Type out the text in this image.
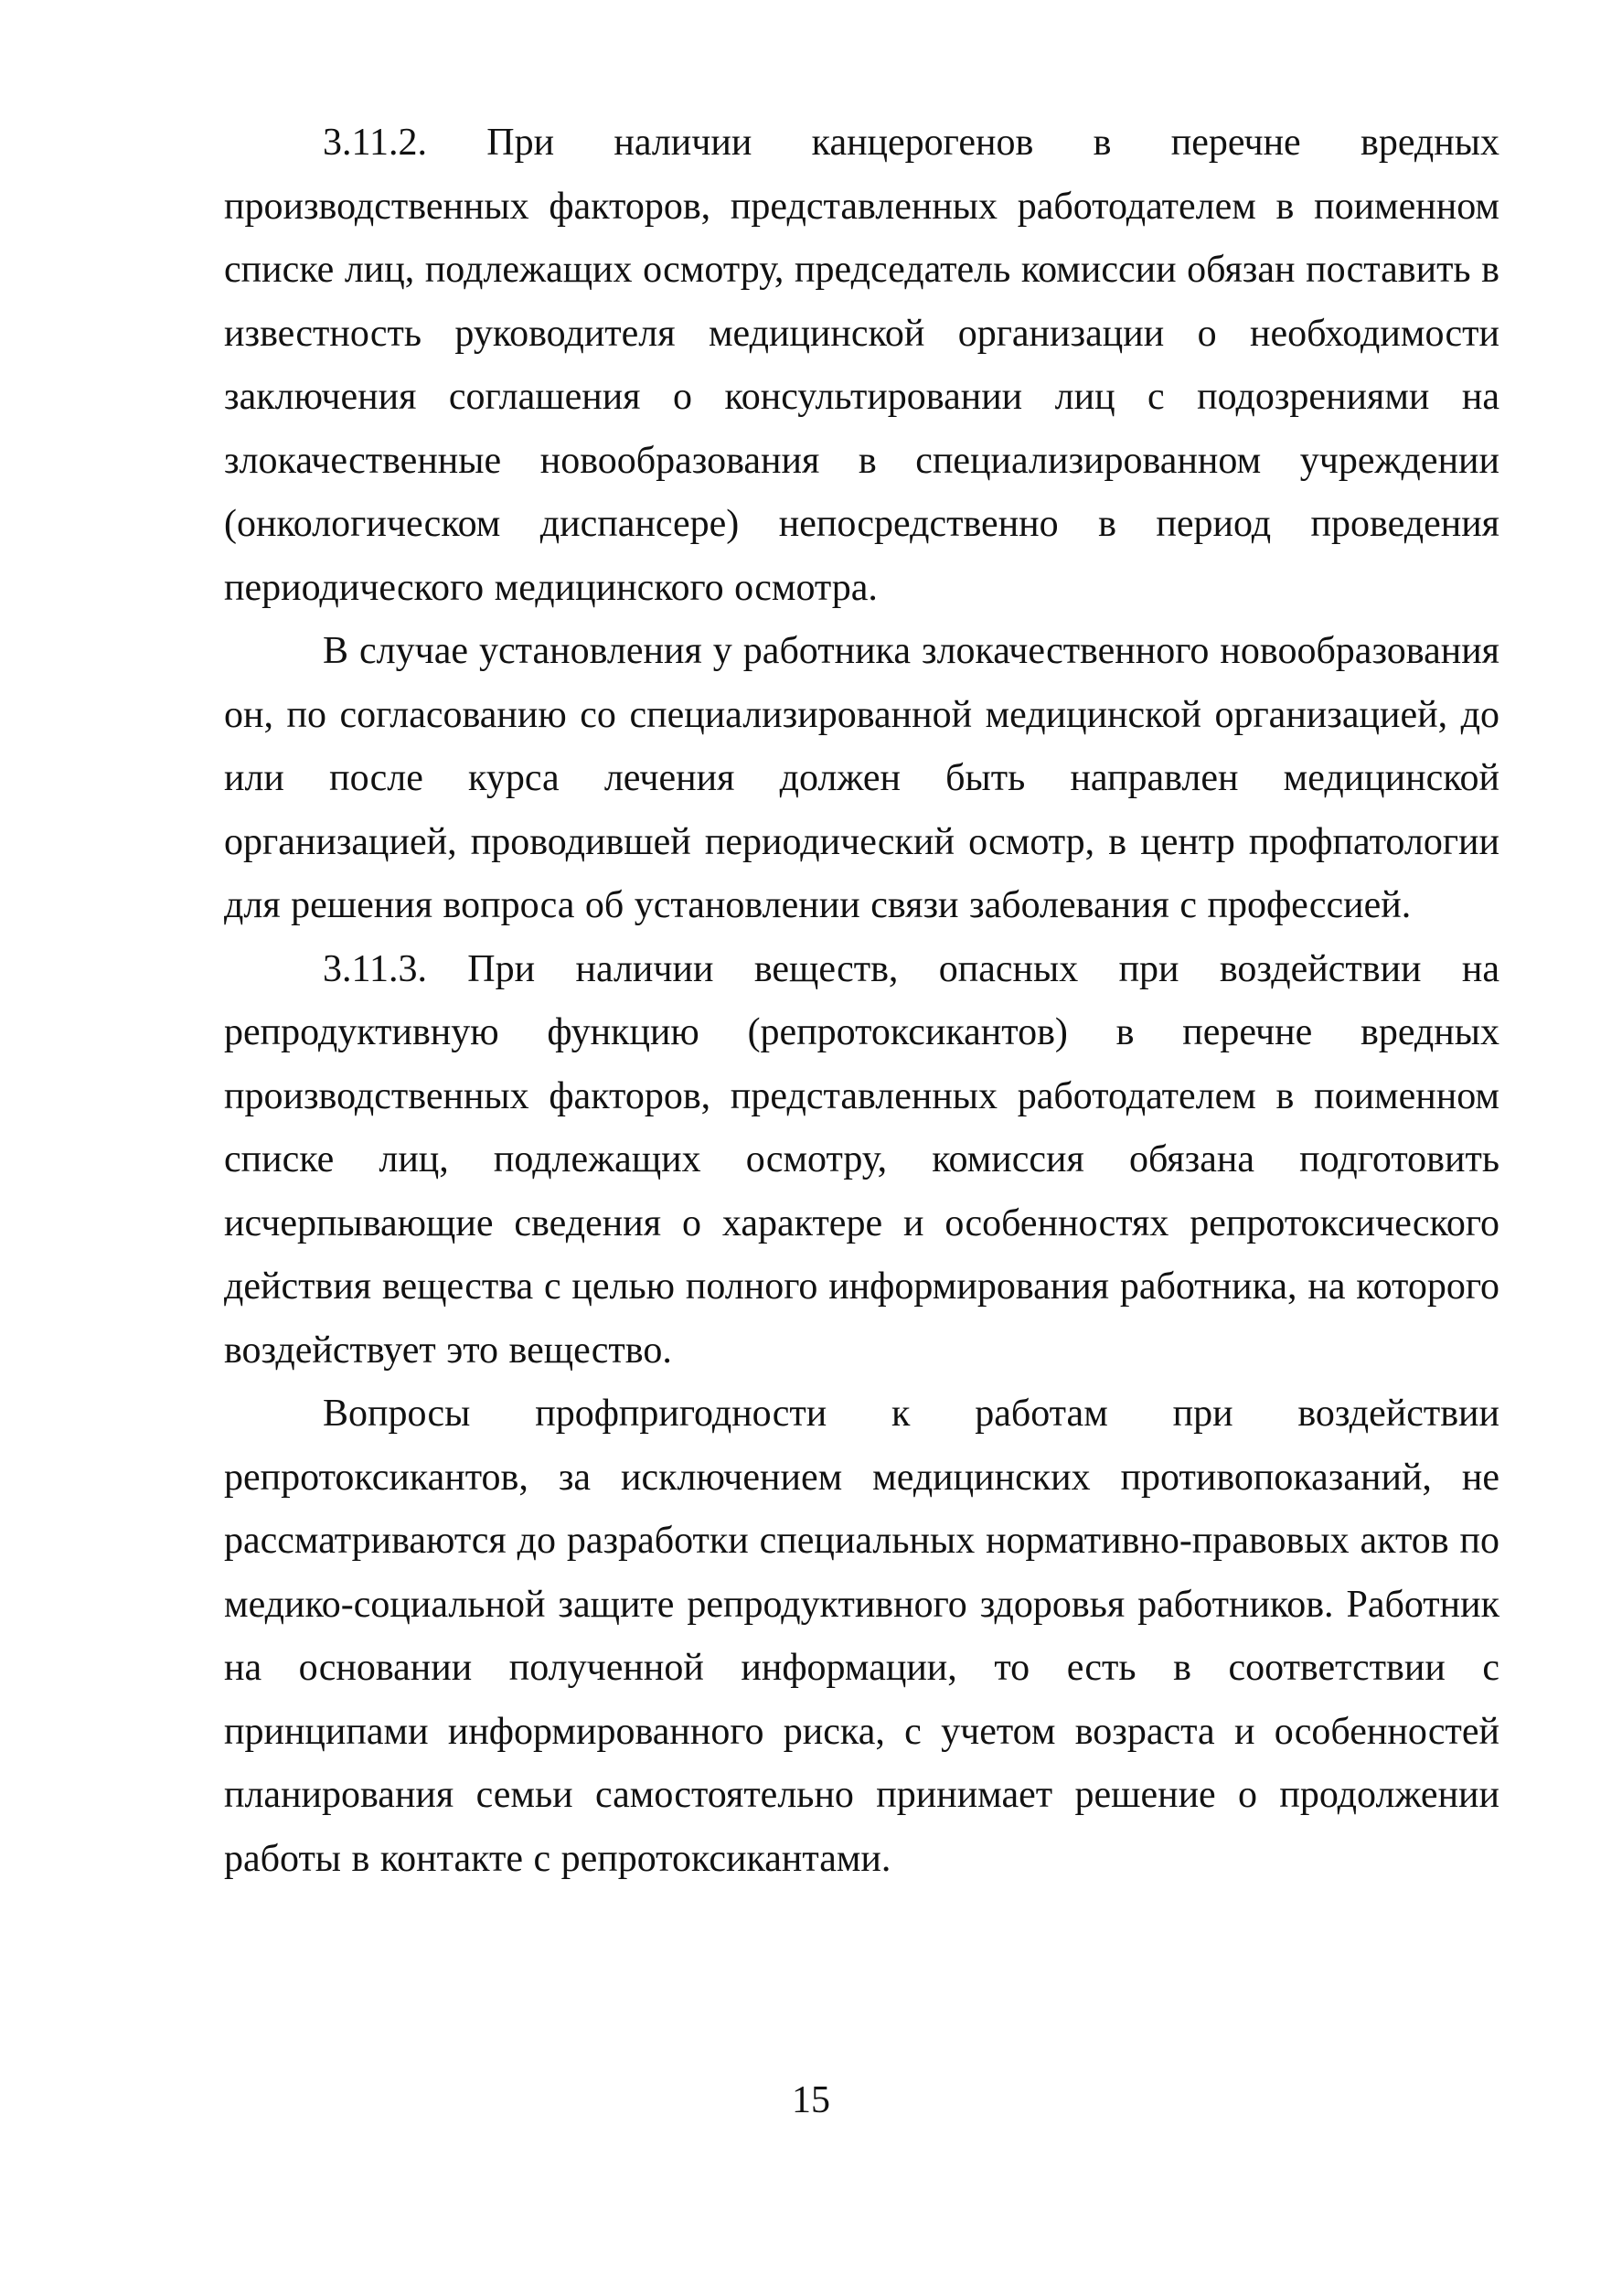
3.11.2. При наличии канцерогенов в перечне вредных производственных факторов, представленных работодателем в поименном списке лиц, подлежащих осмотру, председатель комиссии обязан поставить в известность руководителя медицинской организации о необходимости заключения соглашения о консультировании лиц с подозрениями на злокачественные новообразования в специализированном учреждении (онкологическом диспансере) непосредственно в период проведения периодического медицинского осмотра.

В случае установления у работника злокачественного новообразования он, по согласованию со специализированной медицинской организацией, до или после курса лечения должен быть направлен медицинской организацией, проводившей периодический осмотр, в центр профпатологии для решения вопроса об установлении связи заболевания с профессией.

3.11.3. При наличии веществ, опасных при воздействии на репродуктивную функцию (репротоксикантов) в перечне вредных производственных факторов, представленных работодателем в поименном списке лиц, подлежащих осмотру, комиссия обязана подготовить исчерпывающие сведения о характере и особенностях репротоксического действия вещества с целью полного информирования работника, на которого воздействует это вещество.

Вопросы профпригодности к работам при воздействии репротоксикантов, за исключением медицинских противопоказаний, не рассматриваются до разработки специальных нормативно-правовых актов по медико-социальной защите репродуктивного здоровья работников. Работник на основании полученной информации, то есть в соответствии с принципами информированного риска, с учетом возраста и особенностей планирования семьи самостоятельно принимает решение о продолжении работы в контакте с репротоксикантами.

15
